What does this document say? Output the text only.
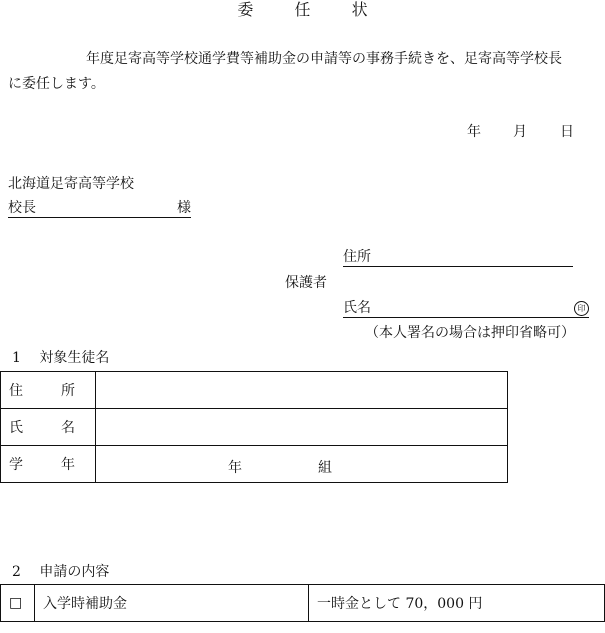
委	任	状
年度足寄高等学校通学費等補助金の申請等の事務手続きを、足寄高等学校長
に委任します。
年 月 日
北海道足寄高等学校
校長	様
住所
保護者
氏名	印
（本人署名の場合は押印省略可）
1 対象生徒名
住 所	

氏 名	

学 年	年 組
2 申請の内容
□	入学時補助金	一時金として 70，000 円
